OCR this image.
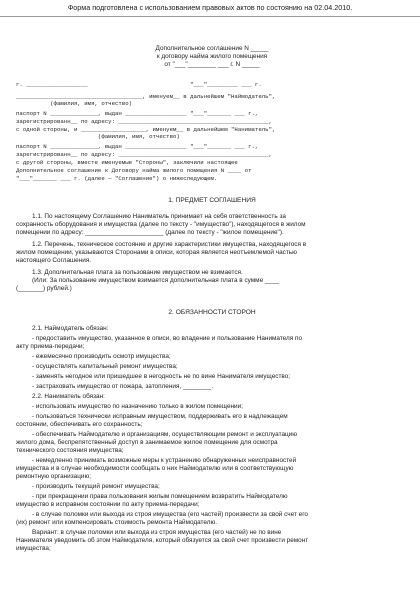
Форма подготовлена с использованием правовых актов по состоянию на 02.04.2010.
Дополнительное соглашение N _____
к договору найма жилого помещения
от "___"________ ___ г. N _____
г. __________________                              "___"_________ ___ г.
_____________________________________, именуем__ в дальнейшем "Наймодатель",
(фамилия, имя, отчество)
паспорт N ______________, выдан __________________ "___"_______ ___ г.,
зарегистрированн__ по адресу: ____________________________________________,
с одной стороны, и ___________________, именуем__ в дальнейшем "Наниматель",
(фамилия, имя, отчество)
паспорт N ______________, выдан __________________ "___"_______ ___ г.,
зарегистрированн__ по адресу: ____________________________________________,
с другой стороны, вместе именуемые "Стороны", заключили настоящее
Дополнительное соглашение к Договору найма жилого помещения N ____ от
"___"_______ ___ г. (далее — "Соглашение") о нижеследующем.
1. ПРЕДМЕТ СОГЛАШЕНИЯ
1.1. По настоящему Соглашению Наниматель принимает на себя ответственность за
сохранность оборудования и имущества (далее по тексту - "имущество"), находящегося в жилом
помещении по адресу: ______________________ (далее по тексту - "жилое помещение").
1.2. Перечень, техническое состояние и другие характеристики имущества, находящегося в
жилом помещении, указываются Сторонами в описи, которая является неотъемлемой частью
настоящего Соглашения.
1.3. Дополнительная плата за пользование имуществом не взимается.
(Или: За пользование имуществом взимается дополнительная плата в сумме ____
(_______) рублей.)
2. ОБЯЗАННОСТИ СТОРОН
2.1. Наймодатель обязан:
- предоставить имущество, указанное в описи, во владение и пользование Нанимателя по
акту приема-передачи;
- ежемесячно производить осмотр имущества;
- осуществлять капитальный ремонт имущества;
- заменять негодное или пришедшее в негодность не по вине Нанимателя имущество;
- застраховать имущество от пожара, затопления, ________.
2.2. Наниматель обязан:
- использовать имущество по назначению только в жилом помещении;
- пользоваться технически исправным имуществом, поддерживать его в надлежащем
состоянии, обеспечивать его сохранность;
- обеспечивать Наймодателю и организациям, осуществляющим ремонт и эксплуатацию
жилого дома, беспрепятственный доступ в занимаемое жилое помещение для осмотра
технического состояния имущества;
- немедленно принимать возможные меры к устранению обнаруженных неисправностей
имущества и в случае необходимости сообщать о них Наймодателю или в соответствующую
ремонтную организацию;
- производить текущий ремонт имущества;
- при прекращении права пользования жилым помещением возвратить Наймодателю
имущество в исправном состоянии по акту приема-передачи;
- в случае поломки или выхода из строя имущества (его частей) произвести за свой счет его
(их) ремонт или компенсировать стоимость ремонта Наймодателю.
Вариант: в случае поломки или выхода из строя имущества (его частей) не по вине
Нанимателя уведомить об этом Наймодателя, который обязуется за свой счет произвести ремонт
имущества;
